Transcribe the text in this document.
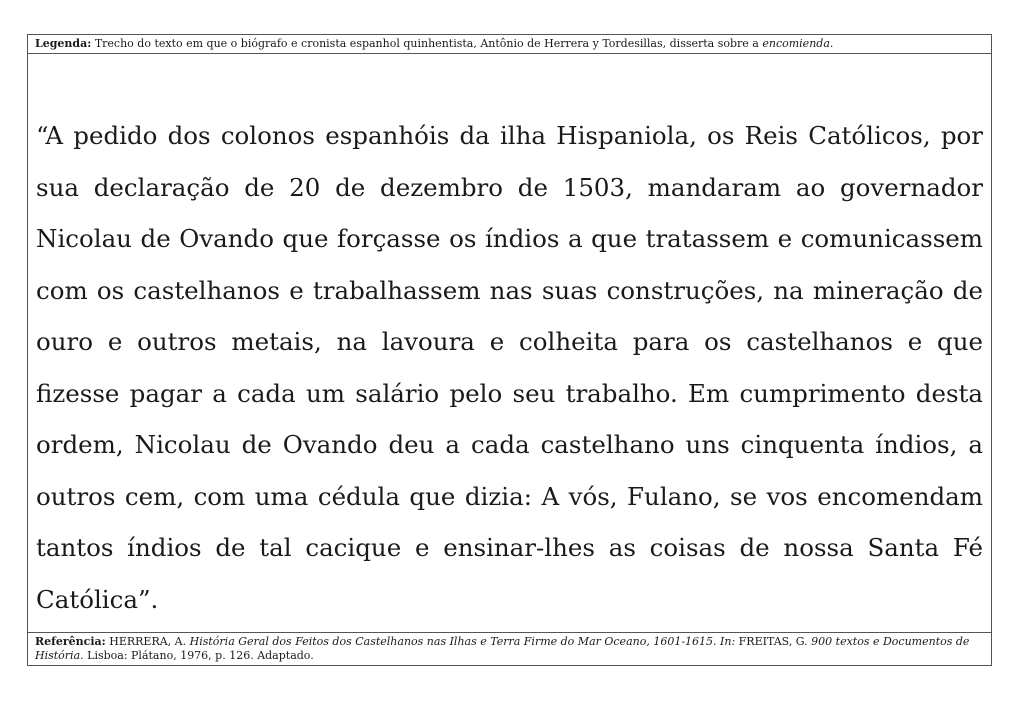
Legenda: Trecho do texto em que o biógrafo e cronista espanhol quinhentista, Antônio de Herrera y Tordesillas, disserta sobre a encomienda.

“A pedido dos colonos espanhóis da ilha Hispaniola, os Reis Católicos, por sua declaração de 20 de dezembro de 1503, mandaram ao governador Nicolau de Ovando que forçasse os índios a que tratassem e comunicassem com os castelhanos e trabalhassem nas suas construções, na mineração de ouro e outros metais, na lavoura e colheita para os castelhanos e que fizesse pagar a cada um salário pelo seu trabalho. Em cumprimento desta ordem, Nicolau de Ovando deu a cada castelhano uns cinquenta índios, a outros cem, com uma cédula que dizia: A vós, Fulano, se vos encomendam tantos índios de tal cacique e ensinar-lhes as coisas de nossa Santa Fé Católica”.

Referência: HERRERA, A. História Geral dos Feitos dos Castelhanos nas Ilhas e Terra Firme do Mar Oceano, 1601-1615. In: FREITAS, G. 900 textos e Documentos de História. Lisboa: Plátano, 1976, p. 126. Adaptado.
